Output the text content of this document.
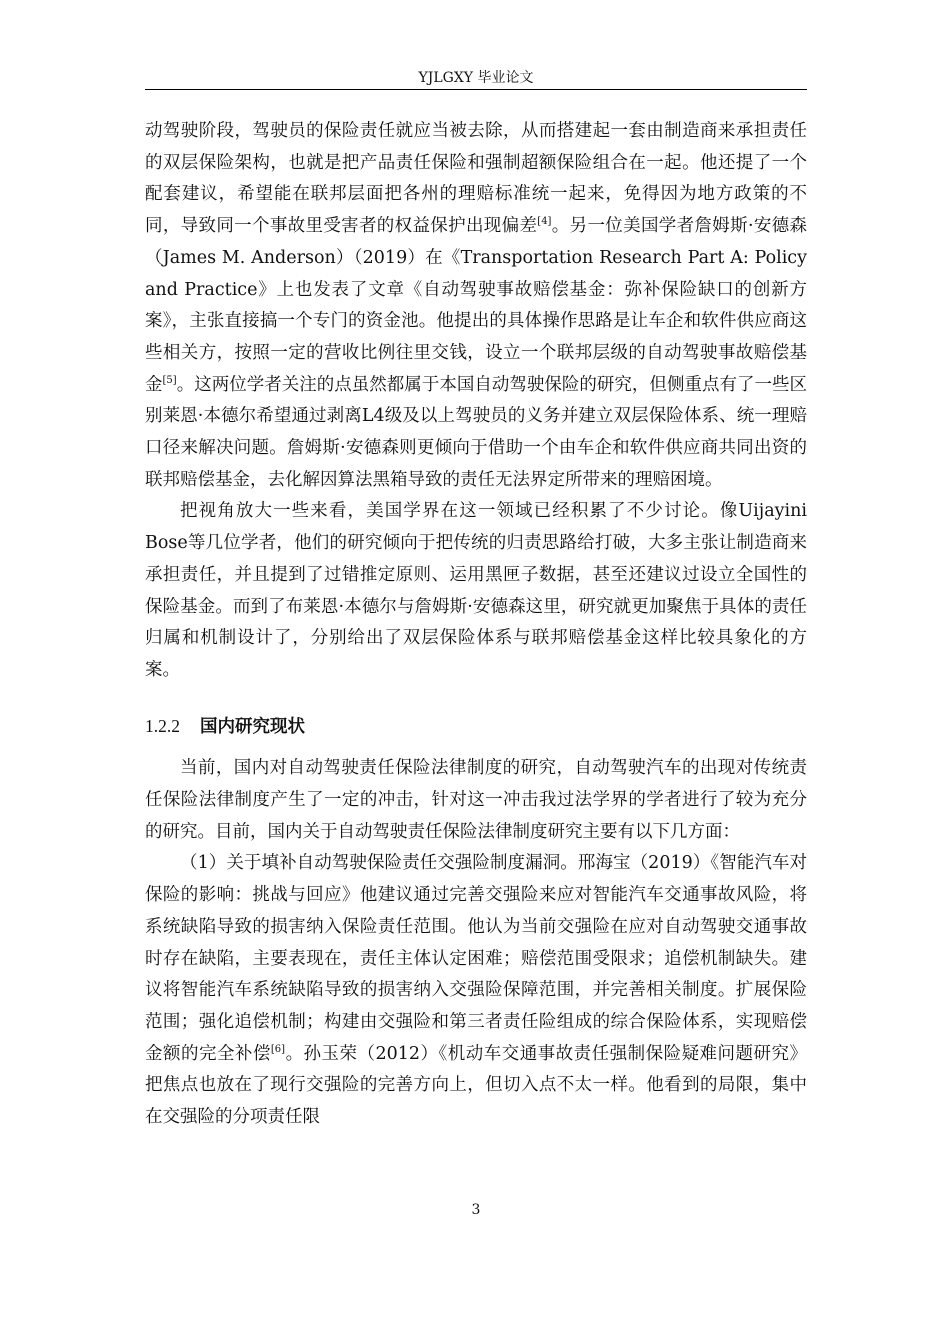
YJLGXY 毕业论文

动驾驶阶段，驾驶员的保险责任就应当被去除，从而搭建起一套由制造商来承担责任的双层保险架构，也就是把产品责任保险和强制超额保险组合在一起。他还提了一个配套建议，希望能在联邦层面把各州的理赔标准统一起来，免得因为地方政策的不同，导致同一个事故里受害者的权益保护出现偏差[4]。另一位美国学者詹姆斯·安德森（James M. Anderson）（2019）在《Transportation Research Part A: Policy and Practice》上也发表了文章《自动驾驶事故赔偿基金：弥补保险缺口的创新方案》，主张直接搞一个专门的资金池。他提出的具体操作思路是让车企和软件供应商这些相关方，按照一定的营收比例往里交钱，设立一个联邦层级的自动驾驶事故赔偿基金[5]。这两位学者关注的点虽然都属于本国自动驾驶保险的研究，但侧重点有了一些区别莱恩·本德尔希望通过剥离L4级及以上驾驶员的义务并建立双层保险体系、统一理赔口径来解决问题。詹姆斯·安德森则更倾向于借助一个由车企和软件供应商共同出资的联邦赔偿基金，去化解因算法黑箱导致的责任无法界定所带来的理赔困境。

把视角放大一些来看，美国学界在这一领域已经积累了不少讨论。像Uijayini Bose等几位学者，他们的研究倾向于把传统的归责思路给打破，大多主张让制造商来承担责任，并且提到了过错推定原则、运用黑匣子数据，甚至还建议过设立全国性的保险基金。而到了布莱恩·本德尔与詹姆斯·安德森这里，研究就更加聚焦于具体的责任归属和机制设计了，分别给出了双层保险体系与联邦赔偿基金这样比较具象化的方案。

1.2.2 国内研究现状

当前，国内对自动驾驶责任保险法律制度的研究，自动驾驶汽车的出现对传统责任保险法律制度产生了一定的冲击，针对这一冲击我过法学界的学者进行了较为充分的研究。目前，国内关于自动驾驶责任保险法律制度研究主要有以下几方面：

（1）关于填补自动驾驶保险责任交强险制度漏洞。邢海宝（2019）《智能汽车对保险的影响：挑战与回应》他建议通过完善交强险来应对智能汽车交通事故风险，将系统缺陷导致的损害纳入保险责任范围。他认为当前交强险在应对自动驾驶交通事故时存在缺陷，主要表现在，责任主体认定困难；赔偿范围受限求；追偿机制缺失。建议将智能汽车系统缺陷导致的损害纳入交强险保障范围，并完善相关制度。扩展保险范围；强化追偿机制；构建由交强险和第三者责任险组成的综合保险体系，实现赔偿金额的完全补偿[6]。孙玉荣（2012）《机动车交通事故责任强制保险疑难问题研究》把焦点也放在了现行交强险的完善方向上，但切入点不太一样。他看到的局限，集中在交强险的分项责任限

3
